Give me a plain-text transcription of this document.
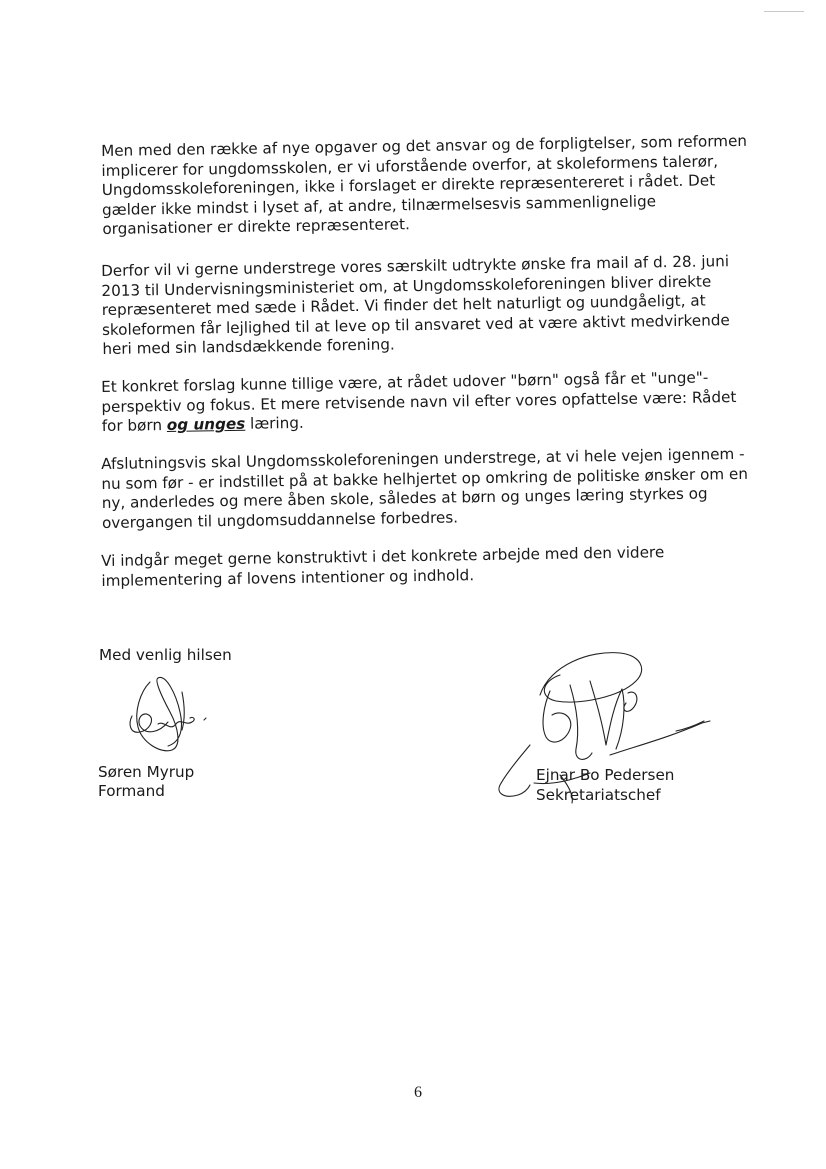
Men med den række af nye opgaver og det ansvar og de forpligtelser, som reformen implicerer for ungdomsskolen, er vi uforstående overfor, at skoleformens talerør, Ungdomsskoleforeningen, ikke i forslaget er direkte repræsentereret i rådet. Det gælder ikke mindst i lyset af, at andre, tilnærmelsesvis sammenlignelige organisationer er direkte repræsenteret.

Derfor vil vi gerne understrege vores særskilt udtrykte ønske fra mail af d. 28. juni 2013 til Undervisningsministeriet om, at Ungdomsskoleforeningen bliver direkte repræsenteret med sæde i Rådet. Vi finder det helt naturligt og uundgåeligt, at skoleformen får lejlighed til at leve op til ansvaret ved at være aktivt medvirkende heri med sin landsdækkende forening.

Et konkret forslag kunne tillige være, at rådet udover "børn" også får et "unge"-perspektiv og fokus. Et mere retvisende navn vil efter vores opfattelse være: Rådet for børn og unges læring.

Afslutningsvis skal Ungdomsskoleforeningen understrege, at vi hele vejen igennem - nu som før - er indstillet på at bakke helhjertet op omkring de politiske ønsker om en ny, anderledes og mere åben skole, således at børn og unges læring styrkes og overgangen til ungdomsuddannelse forbedres.

Vi indgår meget gerne konstruktivt i det konkrete arbejde med den videre implementering af lovens intentioner og indhold.

Med venlig hilsen
Søren Myrup
Formand
Ejnar Bo Pedersen
Sekretariatschef
6
